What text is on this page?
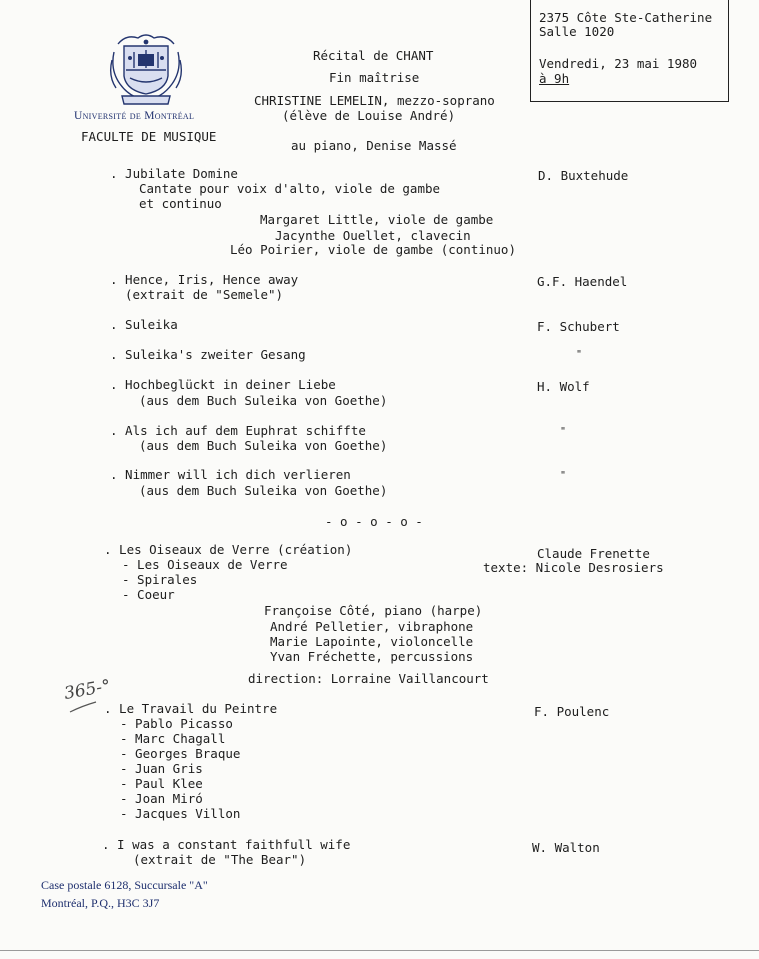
2375 Côte Ste-Catherine
Salle 1020
Vendredi, 23 mai 1980
à 9h
Université de Montréal
FACULTE DE MUSIQUE
Récital de CHANT
Fin maîtrise
CHRISTINE LEMELIN, mezzo-soprano
(élève de Louise André)
au piano, Denise Massé
. Jubilate Domine
Cantate pour voix d'alto, viole de gambe
et continuo
Margaret Little, viole de gambe
Jacynthe Ouellet, clavecin
Léo Poirier, viole de gambe (continuo)
D. Buxtehude
. Hence, Iris, Hence away
(extrait de "Semele")
G.F. Haendel
. Suleika	F. Schubert
. Suleika's zweiter Gesang	"
. Hochbeglückt in deiner Liebe
(aus dem Buch Suleika von Goethe)
H. Wolf
. Als ich auf dem Euphrat schiffte
(aus dem Buch Suleika von Goethe)
"
. Nimmer will ich dich verlieren
(aus dem Buch Suleika von Goethe)
"
- o - o - o -
. Les Oiseaux de Verre (création)
- Les Oiseaux de Verre
- Spirales
- Coeur
Claude Frenette
texte: Nicole Desrosiers
Françoise Côté, piano (harpe)
André Pelletier, vibraphone
Marie Lapointe, violoncelle
Yvan Fréchette, percussions
direction: Lorraine Vaillancourt
365-°
. Le Travail du Peintre
- Pablo Picasso
- Marc Chagall
- Georges Braque
- Juan Gris
- Paul Klee
- Joan Miró
- Jacques Villon
F. Poulenc
. I was a constant faithfull wife
(extrait de "The Bear")
W. Walton
Case postale 6128, Succursale "A"
Montréal, P.Q., H3C 3J7
